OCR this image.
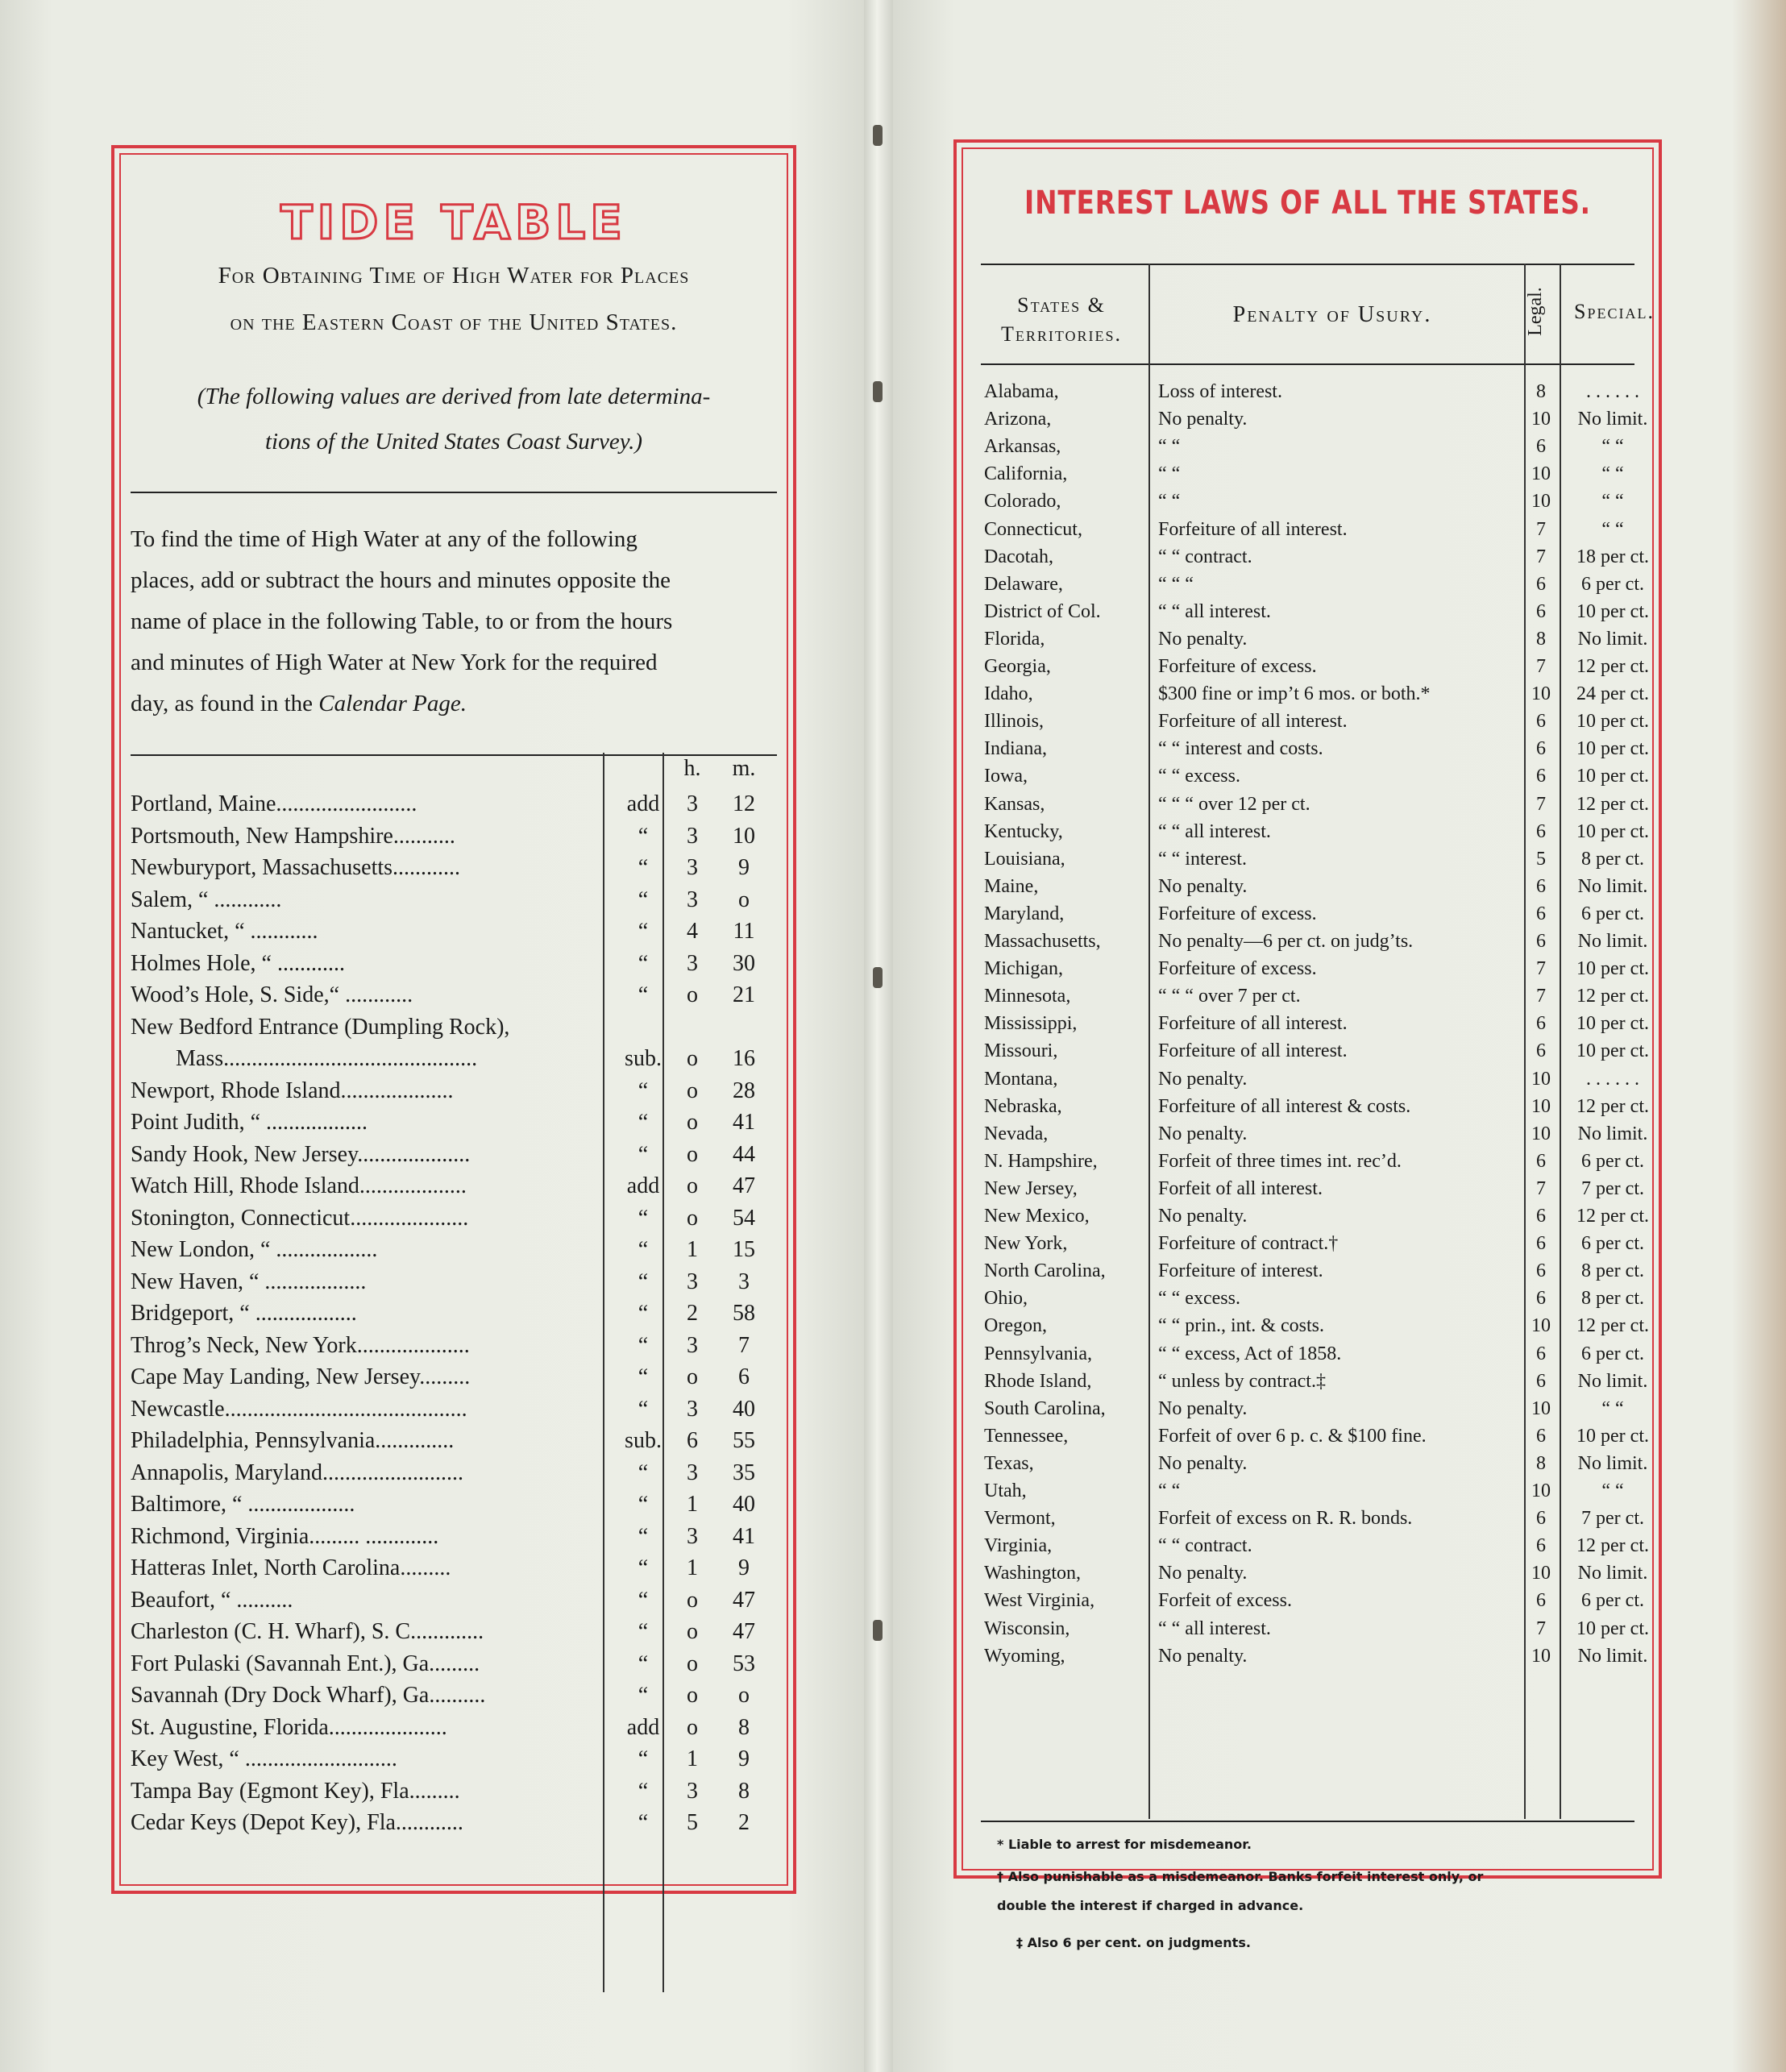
TIDE TABLE
For Obtaining Time of High Water for Places
on the Eastern Coast of the United States.
(The following values are derived from late determina-
tions of the United States Coast Survey.)
To find the time of High Water at any of the following
places, add or subtract the hours and minutes opposite the
name of place in the following Table, to or from the hours
and minutes of High Water at New York for the required
day, as found in the Calendar Page.
h.	m.
Portland, Maine.........................	add	3	12
Portsmouth, New Hampshire...........	“	3	10
Newburyport, Massachusetts............	“	3	9
Salem, “ ............	“	3	o
Nantucket, “ ............	“	4	11
Holmes Hole, “ ............	“	3	30
Wood’s Hole, S. Side,“ ............	“	o	21
New Bedford Entrance (Dumpling Rock),
Mass.............................................	sub.	o	16
Newport, Rhode Island....................	“	o	28
Point Judith, “ ..................	“	o	41
Sandy Hook, New Jersey....................	“	o	44
Watch Hill, Rhode Island...................	add	o	47
Stonington, Connecticut.....................	“	o	54
New London, “ ..................	“	1	15
New Haven, “ ..................	“	3	3
Bridgeport, “ ..................	“	2	58
Throg’s Neck, New York....................	“	3	7
Cape May Landing, New Jersey.........	“	o	6
Newcastle...........................................	“	3	40
Philadelphia, Pennsylvania..............	sub.	6	55
Annapolis, Maryland.........................	“	3	35
Baltimore, “ ...................	“	1	40
Richmond, Virginia......... .............	“	3	41
Hatteras Inlet, North Carolina.........	“	1	9
Beaufort, “ ..........	“	o	47
Charleston (C. H. Wharf), S. C.............	“	o	47
Fort Pulaski (Savannah Ent.), Ga.........	“	o	53
Savannah (Dry Dock Wharf), Ga..........	“	o	o
St. Augustine, Florida.....................	add	o	8
Key West, “ ...........................	“	1	9
Tampa Bay (Egmont Key), Fla.........	“	3	8
Cedar Keys (Depot Key), Fla............	“	5	2
INTEREST LAWS OF ALL THE STATES.
States &
Territories.
Penalty of Usury.	Legal.	Special.
Alabama,	Loss of interest.	8	. . . . . .
Arizona,	No penalty.	10	No limit.
Arkansas,	“ “	6	“ “
California,	“ “	10	“ “
Colorado,	“ “	10	“ “
Connecticut,	Forfeiture of all interest.	7	“ “
Dacotah,	“ “ contract.	7	18 per ct.
Delaware,	“ “ “	6	6 per ct.
District of Col.	“ “ all interest.	6	10 per ct.
Florida,	No penalty.	8	No limit.
Georgia,	Forfeiture of excess.	7	12 per ct.
Idaho,	$300 fine or imp’t 6 mos. or both.*	10	24 per ct.
Illinois,	Forfeiture of all interest.	6	10 per ct.
Indiana,	“ “ interest and costs.	6	10 per ct.
Iowa,	“ “ excess.	6	10 per ct.
Kansas,	“ “ “ over 12 per ct.	7	12 per ct.
Kentucky,	“ “ all interest.	6	10 per ct.
Louisiana,	“ “ interest.	5	8 per ct.
Maine,	No penalty.	6	No limit.
Maryland,	Forfeiture of excess.	6	6 per ct.
Massachusetts,	No penalty—6 per ct. on judg’ts.	6	No limit.
Michigan,	Forfeiture of excess.	7	10 per ct.
Minnesota,	“ “ “ over 7 per ct.	7	12 per ct.
Mississippi,	Forfeiture of all interest.	6	10 per ct.
Missouri,	Forfeiture of all interest.	6	10 per ct.
Montana,	No penalty.	10	. . . . . .
Nebraska,	Forfeiture of all interest & costs.	10	12 per ct.
Nevada,	No penalty.	10	No limit.
N. Hampshire,	Forfeit of three times int. rec’d.	6	6 per ct.
New Jersey,	Forfeit of all interest.	7	7 per ct.
New Mexico,	No penalty.	6	12 per ct.
New York,	Forfeiture of contract.†	6	6 per ct.
North Carolina,	Forfeiture of interest.	6	8 per ct.
Ohio,	“ “ excess.	6	8 per ct.
Oregon,	“ “ prin., int. & costs.	10	12 per ct.
Pennsylvania,	“ “ excess, Act of 1858.	6	6 per ct.
Rhode Island,	“ unless by contract.‡	6	No limit.
South Carolina,	No penalty.	10	“ “
Tennessee,	Forfeit of over 6 p. c. & $100 fine.	6	10 per ct.
Texas,	No penalty.	8	No limit.
Utah,	“ “	10	“ “
Vermont,	Forfeit of excess on R. R. bonds.	6	7 per ct.
Virginia,	“ “ contract.	6	12 per ct.
Washington,	No penalty.	10	No limit.
West Virginia,	Forfeit of excess.	6	6 per ct.
Wisconsin,	“ “ all interest.	7	10 per ct.
Wyoming,	No penalty.	10	No limit.
* Liable to arrest for misdemeanor.
† Also punishable as a misdemeanor. Banks forfeit interest only, or
double the interest if charged in advance.
‡ Also 6 per cent. on judgments.
